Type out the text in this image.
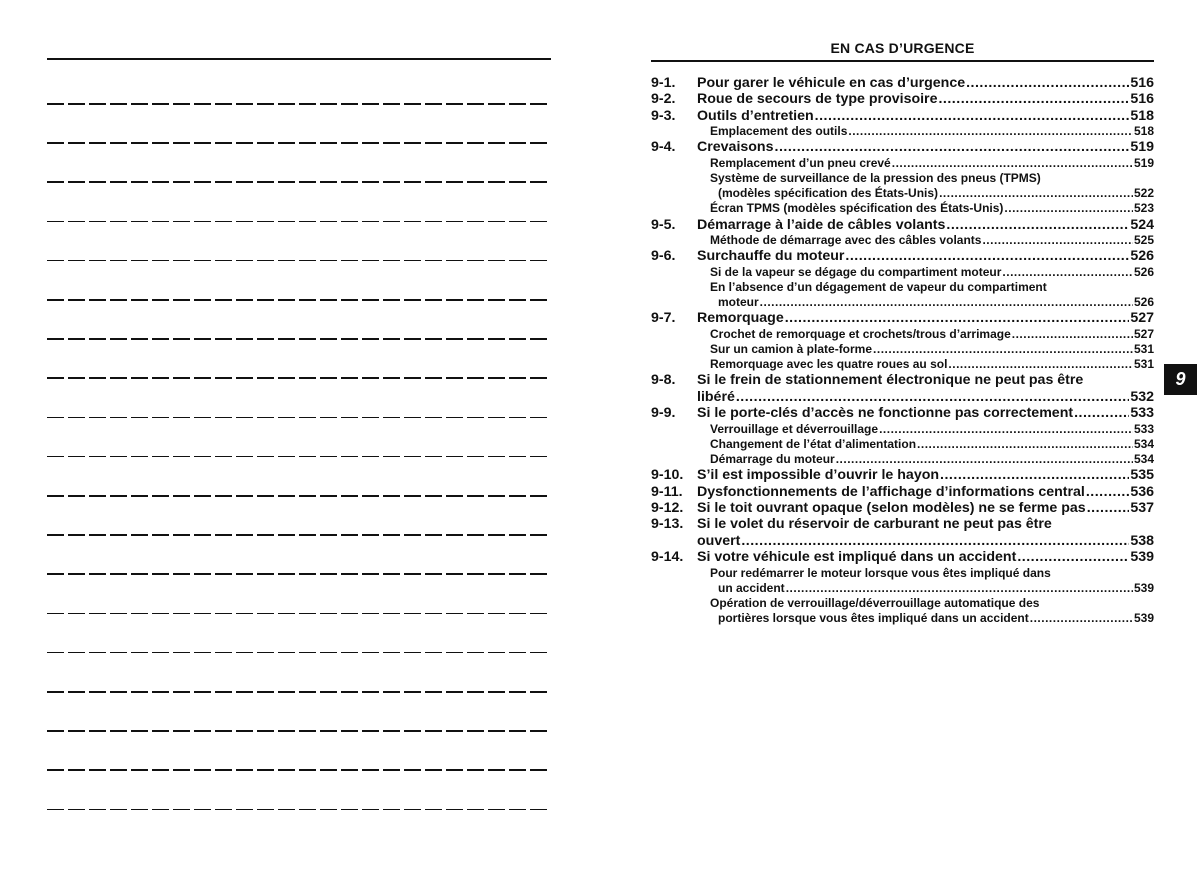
EN CAS D’URGENCE
9-1.	Pour garer le véhicule en cas d’urgence .....	516
9-2.	Roue de secours de type provisoire .....	516
9-3.	Outils d’entretien .....	518
Emplacement des outils .....	518
9-4.	Crevaisons .....	519
Remplacement d’un pneu crevé .....	519
Système de surveillance de la pression des pneus (TPMS)
(modèles spécification des États-Unis) .....	522
Écran TPMS (modèles spécification des États-Unis) .....	523
9-5.	Démarrage à l’aide de câbles volants .....	524
Méthode de démarrage avec des câbles volants .....	525
9-6.	Surchauffe du moteur .....	526
Si de la vapeur se dégage du compartiment moteur .....	526
En l’absence d’un dégagement de vapeur du compartiment
moteur .....	526
9-7.	Remorquage .....	527
Crochet de remorquage et crochets/trous d’arrimage .....	527
Sur un camion à plate-forme .....	531
Remorquage avec les quatre roues au sol .....	531
9-8.	Si le frein de stationnement électronique ne peut pas être
libéré .....	532
9-9.	Si le porte-clés d’accès ne fonctionne pas correctement .....	533
Verrouillage et déverrouillage .....	533
Changement de l’état d’alimentation .....	534
Démarrage du moteur .....	534
9-10. S’il est impossible d’ouvrir le hayon .....	535
9-11.	Dysfonctionnements de l’affichage d’informations central .....	536
9-12. Si le toit ouvrant opaque (selon modèles) ne se ferme pas .....	537
9-13. Si le volet du réservoir de carburant ne peut pas être
ouvert .....	538
9-14. Si votre véhicule est impliqué dans un accident .....	539
Pour redémarrer le moteur lorsque vous êtes impliqué dans
un accident .....	539
Opération de verrouillage/déverrouillage automatique des
portières lorsque vous êtes impliqué dans un accident .....	539
9
